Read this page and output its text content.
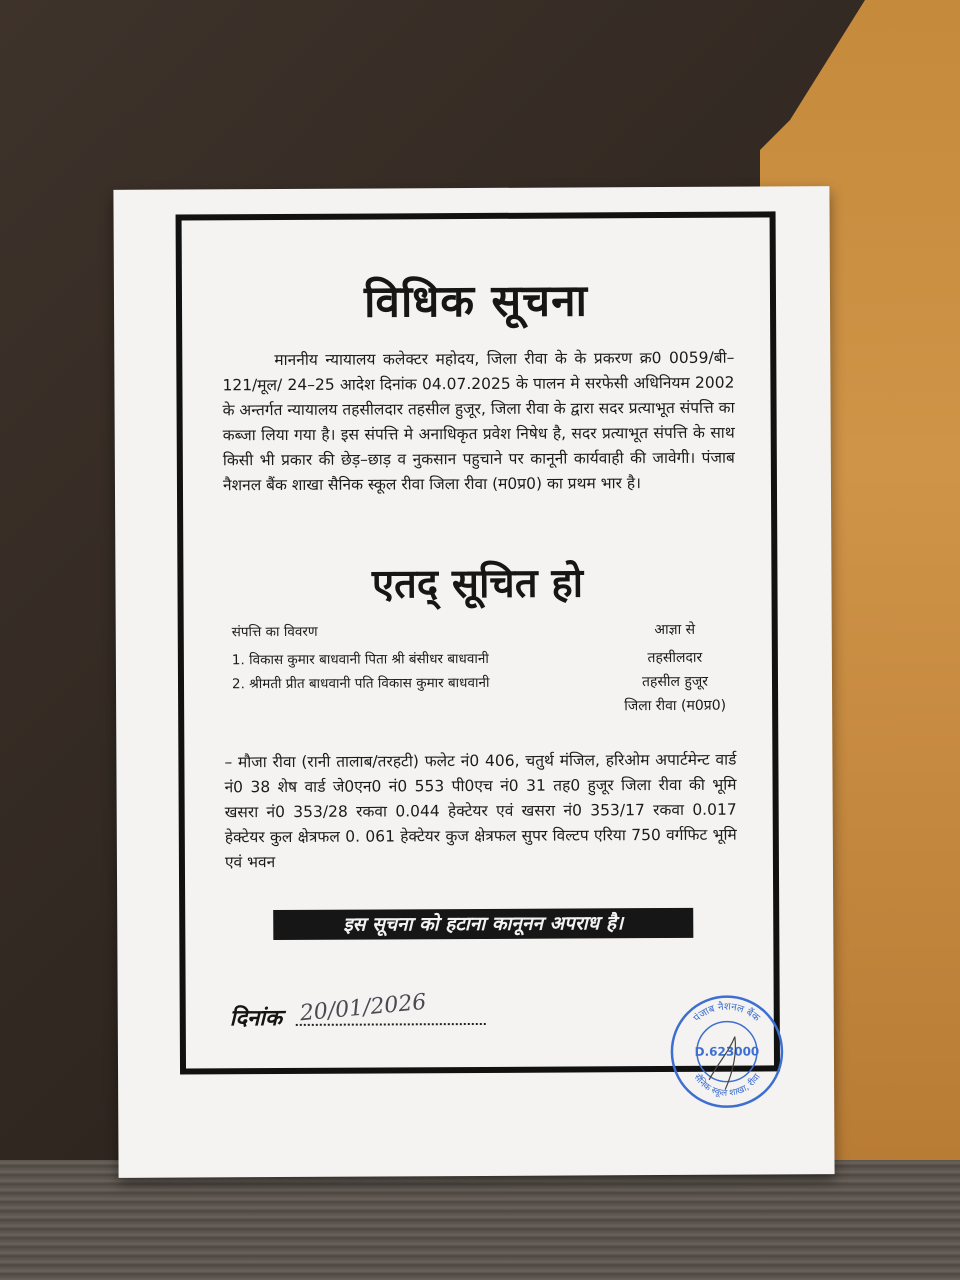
विधिक सूचना
माननीय न्यायालय कलेक्टर महोदय, जिला रीवा के के प्रकरण क्र0 0059/बी–121/मूल/ 24–25 आदेश दिनांक 04.07.2025 के पालन मे सरफेसी अधिनियम 2002 के अन्तर्गत न्यायालय तहसीलदार तहसील हुजूर, जिला रीवा के द्वारा सदर प्रत्याभूत संपत्ति का कब्जा लिया गया है। इस संपत्ति मे अनाधिकृत प्रवेश निषेध है, सदर प्रत्याभूत संपत्ति के साथ किसी भी प्रकार की छेड़–छाड़ व नुकसान पहुचाने पर कानूनी कार्यवाही की जावेगी। पंजाब नैशनल बैंक शाखा सैनिक स्कूल रीवा जिला रीवा (म0प्र0) का प्रथम भार है।
एतद् सूचित हो
संपत्ति का विवरण
1. विकास कुमार बाधवानी पिता श्री बंसीधर बाधवानी
2. श्रीमती प्रीत बाधवानी पति विकास कुमार बाधवानी
आज्ञा से
तहसीलदार
तहसील हुजूर
जिला रीवा (म0प्र0)
– मौजा रीवा (रानी तालाब/तरहटी) फलेट नं0 406, चतुर्थ मंजिल, हरिओम अपार्टमेन्ट वार्ड नं0 38 शेष वार्ड जे0एन0 नं0 553 पी0एच नं0 31 तह0 हुजूर जिला रीवा की भूमि खसरा नं0 353/28 रकवा 0.044 हेक्टेयर एवं खसरा नं0 353/17 रकवा 0.017 हेक्टेयर कुल क्षेत्रफल 0. 061 हेक्टेयर कुज क्षेत्रफल सुपर विल्टप एरिया 750 वर्गफिट भूमि एवं भवन
इस सूचना को हटाना कानूनन अपराध है।
दिनांक 20/01/2026	पंजाब नैशनल बैंक
सैनिक स्कूल शाखा, रीवा
D.623000
